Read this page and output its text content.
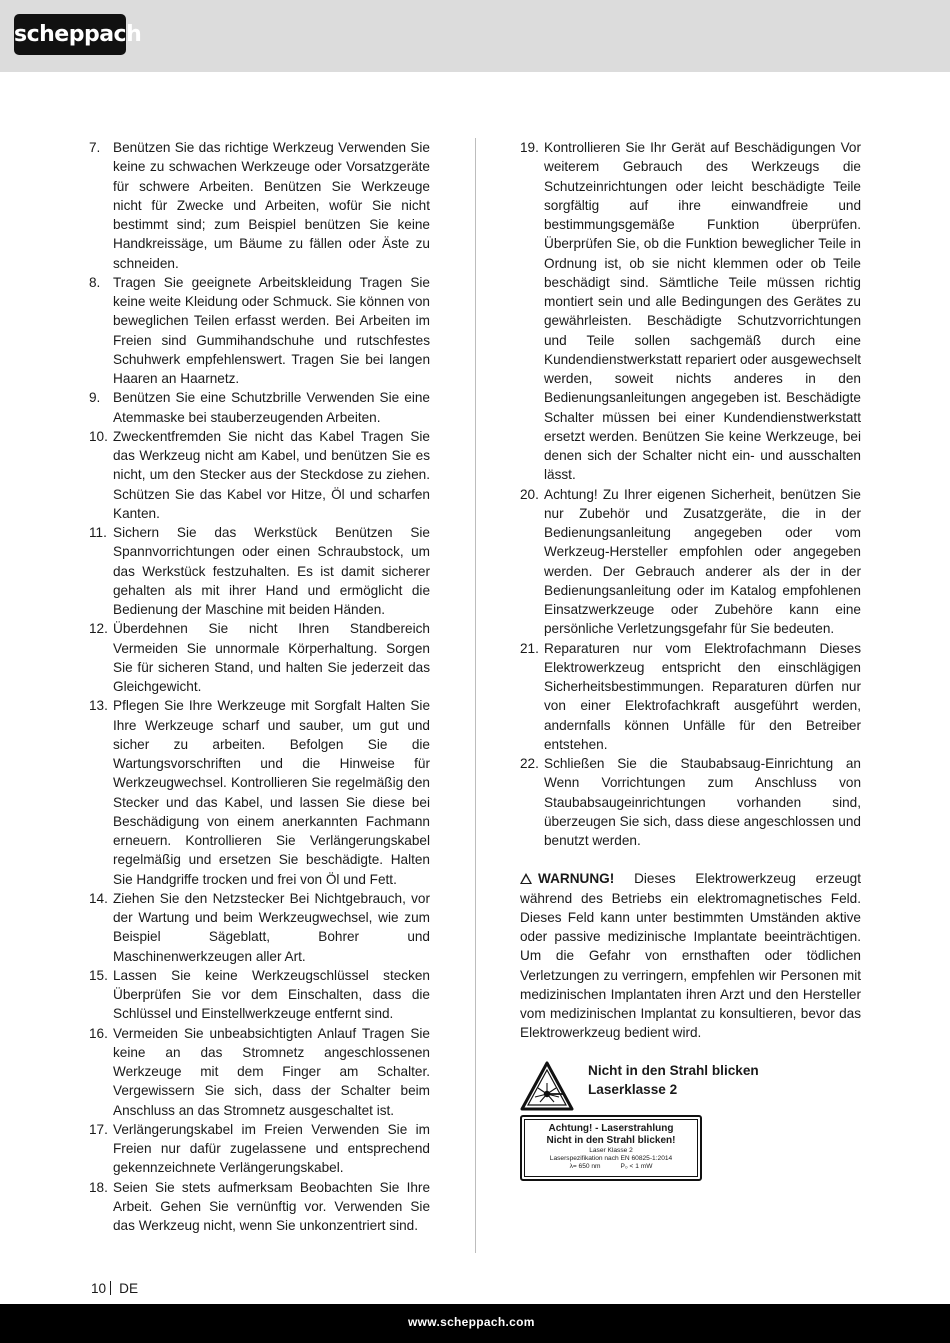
scheppach
7. Benützen Sie das richtige Werkzeug Verwenden Sie keine zu schwachen Werkzeuge oder Vorsatzgeräte für schwere Arbeiten. Benützen Sie Werkzeuge nicht für Zwecke und Arbeiten, wofür Sie nicht bestimmt sind; zum Beispiel benützen Sie keine Handkreissäge, um Bäume zu fällen oder Äste zu schneiden.
8. Tragen Sie geeignete Arbeitskleidung Tragen Sie keine weite Kleidung oder Schmuck. Sie können von beweglichen Teilen erfasst werden. Bei Arbeiten im Freien sind Gummihandschuhe und rutschfestes Schuhwerk empfehlenswert. Tragen Sie bei langen Haaren an Haarnetz.
9. Benützen Sie eine Schutzbrille Verwenden Sie eine Atemmaske bei stauberzeugenden Arbeiten.
10. Zweckentfremden Sie nicht das Kabel Tragen Sie das Werkzeug nicht am Kabel, und benützen Sie es nicht, um den Stecker aus der Steckdose zu ziehen. Schützen Sie das Kabel vor Hitze, Öl und scharfen Kanten.
11. Sichern Sie das Werkstück Benützen Sie Spannvorrichtungen oder einen Schraubstock, um das Werkstück festzuhalten. Es ist damit sicherer gehalten als mit ihrer Hand und ermöglicht die Bedienung der Maschine mit beiden Händen.
12. Überdehnen Sie nicht Ihren Standbereich Vermeiden Sie unnormale Körperhaltung. Sorgen Sie für sicheren Stand, und halten Sie jederzeit das Gleichgewicht.
13. Pflegen Sie Ihre Werkzeuge mit Sorgfalt Halten Sie Ihre Werkzeuge scharf und sauber, um gut und sicher zu arbeiten. Befolgen Sie die Wartungsvorschriften und die Hinweise für Werkzeugwechsel. Kontrollieren Sie regelmäßig den Stecker und das Kabel, und lassen Sie diese bei Beschädigung von einem anerkannten Fachmann erneuern. Kontrollieren Sie Verlängerungskabel regelmäßig und ersetzen Sie beschädigte. Halten Sie Handgriffe trocken und frei von Öl und Fett.
14. Ziehen Sie den Netzstecker Bei Nichtgebrauch, vor der Wartung und beim Werkzeugwechsel, wie zum Beispiel Sägeblatt, Bohrer und Maschinenwerkzeugen aller Art.
15. Lassen Sie keine Werkzeugschlüssel stecken Überprüfen Sie vor dem Einschalten, dass die Schlüssel und Einstellwerkzeuge entfernt sind.
16. Vermeiden Sie unbeabsichtigten Anlauf Tragen Sie keine an das Stromnetz angeschlossenen Werkzeuge mit dem Finger am Schalter. Vergewissern Sie sich, dass der Schalter beim Anschluss an das Stromnetz ausgeschaltet ist.
17. Verlängerungskabel im Freien Verwenden Sie im Freien nur dafür zugelassene und entsprechend gekennzeichnete Verlängerungskabel.
18. Seien Sie stets aufmerksam Beobachten Sie Ihre Arbeit. Gehen Sie vernünftig vor. Verwenden Sie das Werkzeug nicht, wenn Sie unkonzentriert sind.
19. Kontrollieren Sie Ihr Gerät auf Beschädigungen Vor weiterem Gebrauch des Werkzeugs die Schutzeinrichtungen oder leicht beschädigte Teile sorgfältig auf ihre einwandfreie und bestimmungsgemäße Funktion überprüfen. Überprüfen Sie, ob die Funktion beweglicher Teile in Ordnung ist, ob sie nicht klemmen oder ob Teile beschädigt sind. Sämtliche Teile müssen richtig montiert sein und alle Bedingungen des Gerätes zu gewährleisten. Beschädigte Schutzvorrichtungen und Teile sollen sachgemäß durch eine Kundendienstwerkstatt repariert oder ausgewechselt werden, soweit nichts anderes in den Bedienungsanleitungen angegeben ist. Beschädigte Schalter müssen bei einer Kundendienstwerkstatt ersetzt werden. Benützen Sie keine Werkzeuge, bei denen sich der Schalter nicht ein- und ausschalten lässt.
20. Achtung! Zu Ihrer eigenen Sicherheit, benützen Sie nur Zubehör und Zusatzgeräte, die in der Bedienungsanleitung angegeben oder vom Werkzeug-Hersteller empfohlen oder angegeben werden. Der Gebrauch anderer als der in der Bedienungsanleitung oder im Katalog empfohlenen Einsatzwerkzeuge oder Zubehöre kann eine persönliche Verletzungsgefahr für Sie bedeuten.
21. Reparaturen nur vom Elektrofachmann Dieses Elektrowerkzeug entspricht den einschlägigen Sicherheitsbestimmungen. Reparaturen dürfen nur von einer Elektrofachkraft ausgeführt werden, andernfalls können Unfälle für den Betreiber entstehen.
22. Schließen Sie die Staubabsaug-Einrichtung an Wenn Vorrichtungen zum Anschluss von Staubabsaugeinrichtungen vorhanden sind, überzeugen Sie sich, dass diese angeschlossen und benutzt werden.
WARNUNG! Dieses Elektrowerkzeug erzeugt während des Betriebs ein elektromagnetisches Feld. Dieses Feld kann unter bestimmten Umständen aktive oder passive medizinische Implantate beeinträchtigen. Um die Gefahr von ernsthaften oder tödlichen Verletzungen zu verringern, empfehlen wir Personen mit medizinischen Implantaten ihren Arzt und den Hersteller vom medizinischen Implantat zu konsultieren, bevor das Elektrowerkzeug bedient wird.
Nicht in den Strahl blicken
Laserklasse 2
Achtung! - Laserstrahlung
Nicht in den Strahl blicken!
Laser Klasse 2
Laserspezifikation nach EN 60825-1:2014
λ= 650 nm	P₀ < 1 mW
10 DE
www.scheppach.com
